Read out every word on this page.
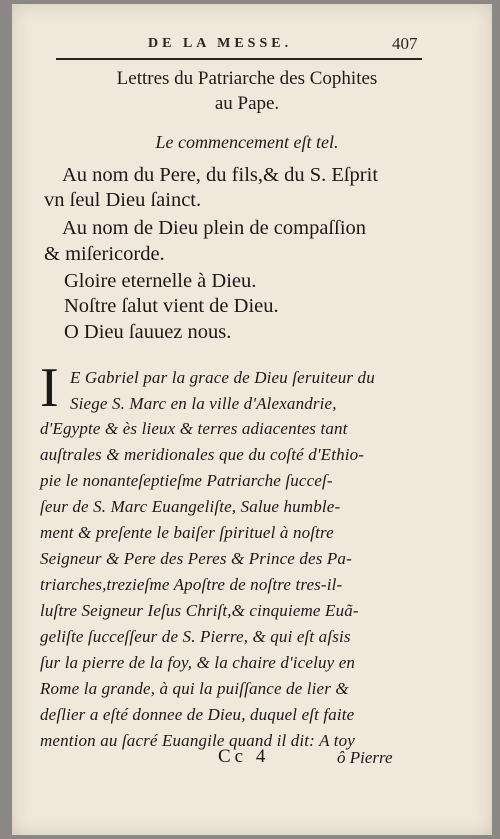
DE LA MESSE.	407
Lettres du Patriarche des Cophites
au Pape.
Le commencement eſt tel.
Au nom du Pere, du fils,& du S. Eſprit
vn ſeul Dieu ſainct.
Au nom de Dieu plein de compaſſion
& miſericorde.
Gloire eternelle à Dieu.
Noſtre ſalut vient de Dieu.
O Dieu ſauuez nous.
I E Gabriel par la grace de Dieu ſeruiteur du
Siege S. Marc en la ville d'Alexandrie,
d'Egypte & ès lieux & terres adiacentes tant
auſtrales & meridionales que du coſté d'Ethio-
pie le nonanteſeptieſme Patriarche ſucceſ-
ſeur de S. Marc Euangeliſte, Salue humble-
ment & preſente le baiſer ſpirituel à noſtre
Seigneur & Pere des Peres & Prince des Pa-
triarches,trezieſme Apoſtre de noſtre tres-il-
luſtre Seigneur Ieſus Chriſt,& cinquieme Euã-
geliſte ſucceſſeur de S. Pierre, & qui eſt aſsis
ſur la pierre de la foy, & la chaire d'iceluy en
Rome la grande, à qui la puiſſance de lier &
deſlier a eſté donnee de Dieu, duquel eſt faite
mention au ſacré Euangile quand il dit: A toy
Cc 4	ô Pierre
